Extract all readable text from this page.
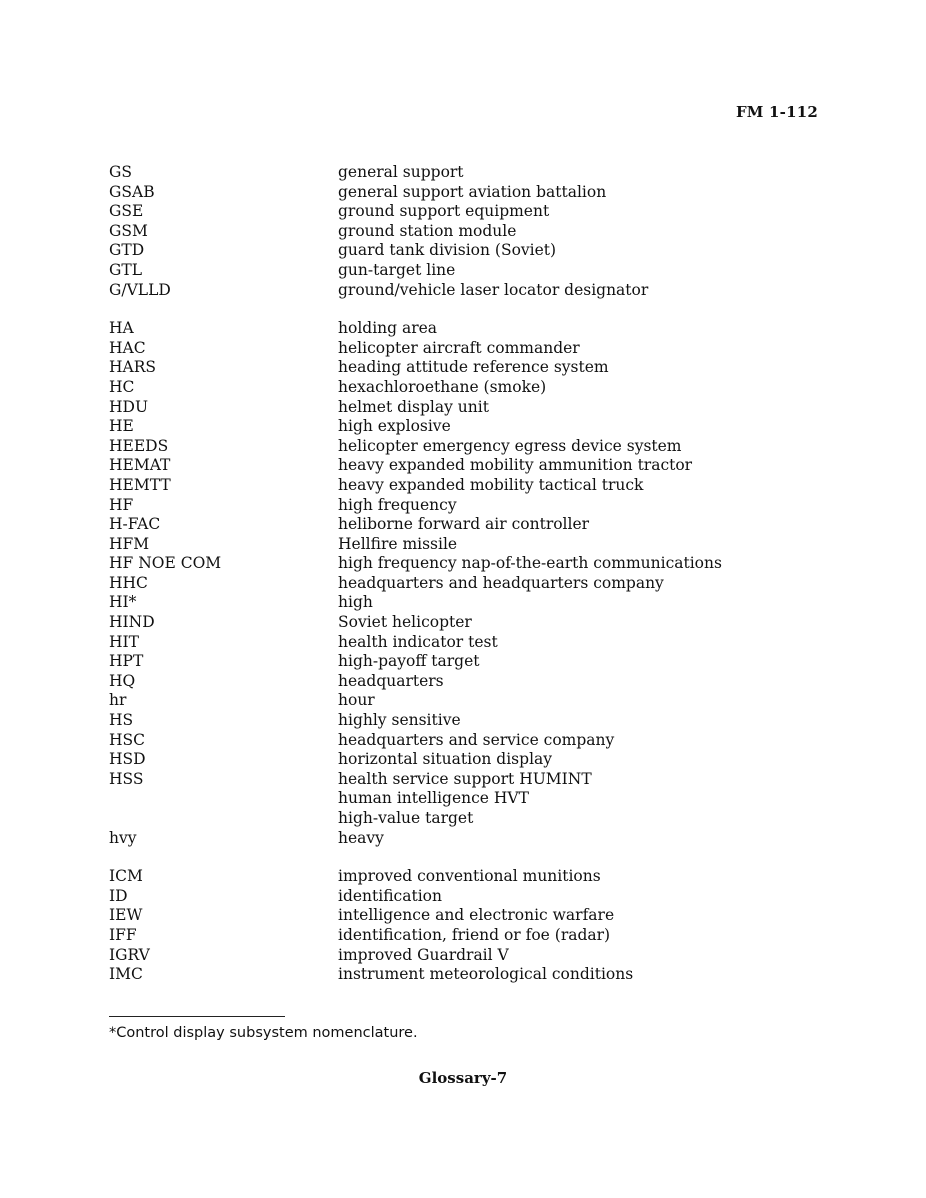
FM 1-112
GS	general support
GSAB	general support aviation battalion
GSE	ground support equipment
GSM	ground station module
GTD	guard tank division (Soviet)
GTL	gun-target line
G/VLLD	ground/vehicle laser locator designator
HA	holding area
HAC	helicopter aircraft commander
HARS	heading attitude reference system
HC	hexachloroethane (smoke)
HDU	helmet display unit
HE	high explosive
HEEDS	helicopter emergency egress device system
HEMAT	heavy expanded mobility ammunition tractor
HEMTT	heavy expanded mobility tactical truck
HF	high frequency
H-FAC	heliborne forward air controller
HFM	Hellfire missile
HF NOE COM	high frequency nap-of-the-earth communications
HHC	headquarters and headquarters company
HI*	high
HIND	Soviet helicopter
HIT	health indicator test
HPT	high-payoff target
HQ	headquarters
hr	hour
HS	highly sensitive
HSC	headquarters and service company
HSD	horizontal situation display
HSS	health service support HUMINT
human intelligence HVT
high-value target
hvy	heavy
ICM	improved conventional munitions
ID	identification
IEW	intelligence and electronic warfare
IFF	identification, friend or foe (radar)
IGRV	improved Guardrail V
IMC	instrument meteorological conditions
*Control display subsystem nomenclature.
Glossary-7
